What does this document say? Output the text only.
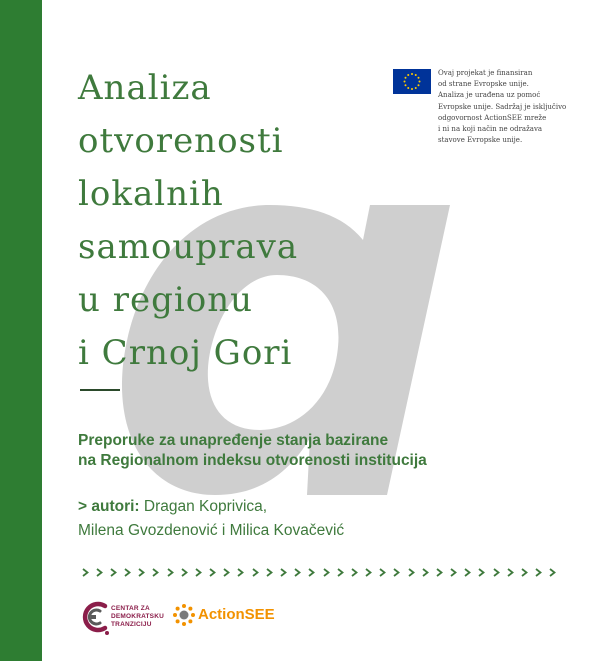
Analiza
otvorenosti
lokalnih
samouprava
u regionu
i Crnoj Gori
Preporuke za unapređenje stanja bazirane
na Regionalnom indeksu otvorenosti institucija

> autori: Dragan Koprivica,
Milena Gvozdenović i Milica Kovačević

Ovaj projekat je finansiran
od strane Evropske unije.
Analiza je urađena uz pomoć
Evropske unije. Sadržaj je isključivo
odgovornost ActionSEE mreže
i ni na koji način ne odražava
stavove Evropske unije.

CENTAR ZA
DEMOKRATSKU
TRANZICIJU

ActionSEE
